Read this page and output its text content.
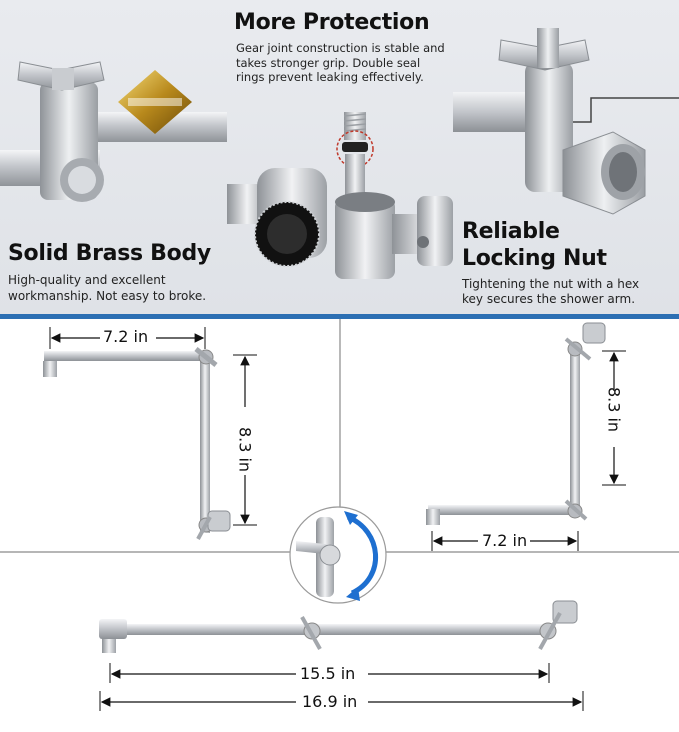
Solid Brass Body
High-quality and excellent
workmanship. Not easy to broke.
More Protection
Gear joint construction is stable and
takes stronger grip. Double seal
rings prevent leaking effectively.
Reliable
Locking Nut
Tightening the nut with a hex
key secures the shower arm.
7.2 in
8.3 in
8.3 in
7.2 in
15.5 in
16.9 in
